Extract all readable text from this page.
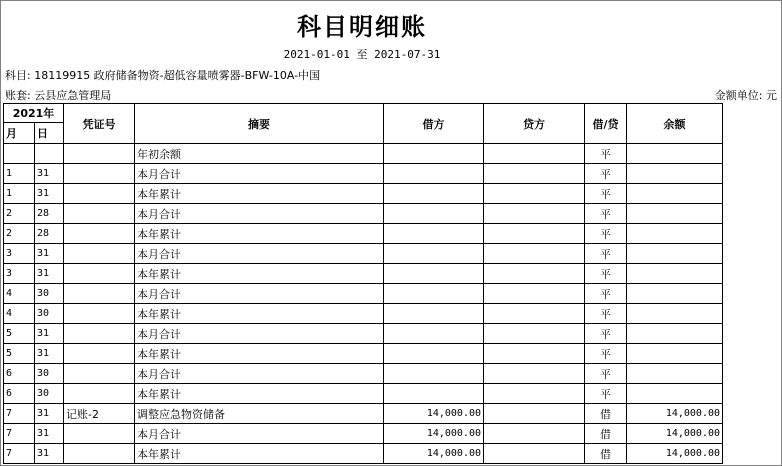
科目明细账
2021-01-01 至 2021-07-31
科目: 18119915 政府储备物资-超低容量喷雾器-BFW-10A-中国
账套: 云县应急管理局	金额单位: 元
2021年		凭证号	摘要	借方	贷方	借/贷	余额
月	日						
			年初余额			平	
1	31		本月合计			平	
1	31		本年累计			平	
2	28		本月合计			平	
2	28		本年累计			平	
3	31		本月合计			平	
3	31		本年累计			平	
4	30		本月合计			平	
4	30		本年累计			平	
5	31		本月合计			平	
5	31		本年累计			平	
6	30		本月合计			平	
6	30		本年累计			平	
7	31	记账-2	调整应急物资储备	14,000.00		借	14,000.00
7	31		本月合计	14,000.00		借	14,000.00
7	31		本年累计	14,000.00		借	14,000.00
